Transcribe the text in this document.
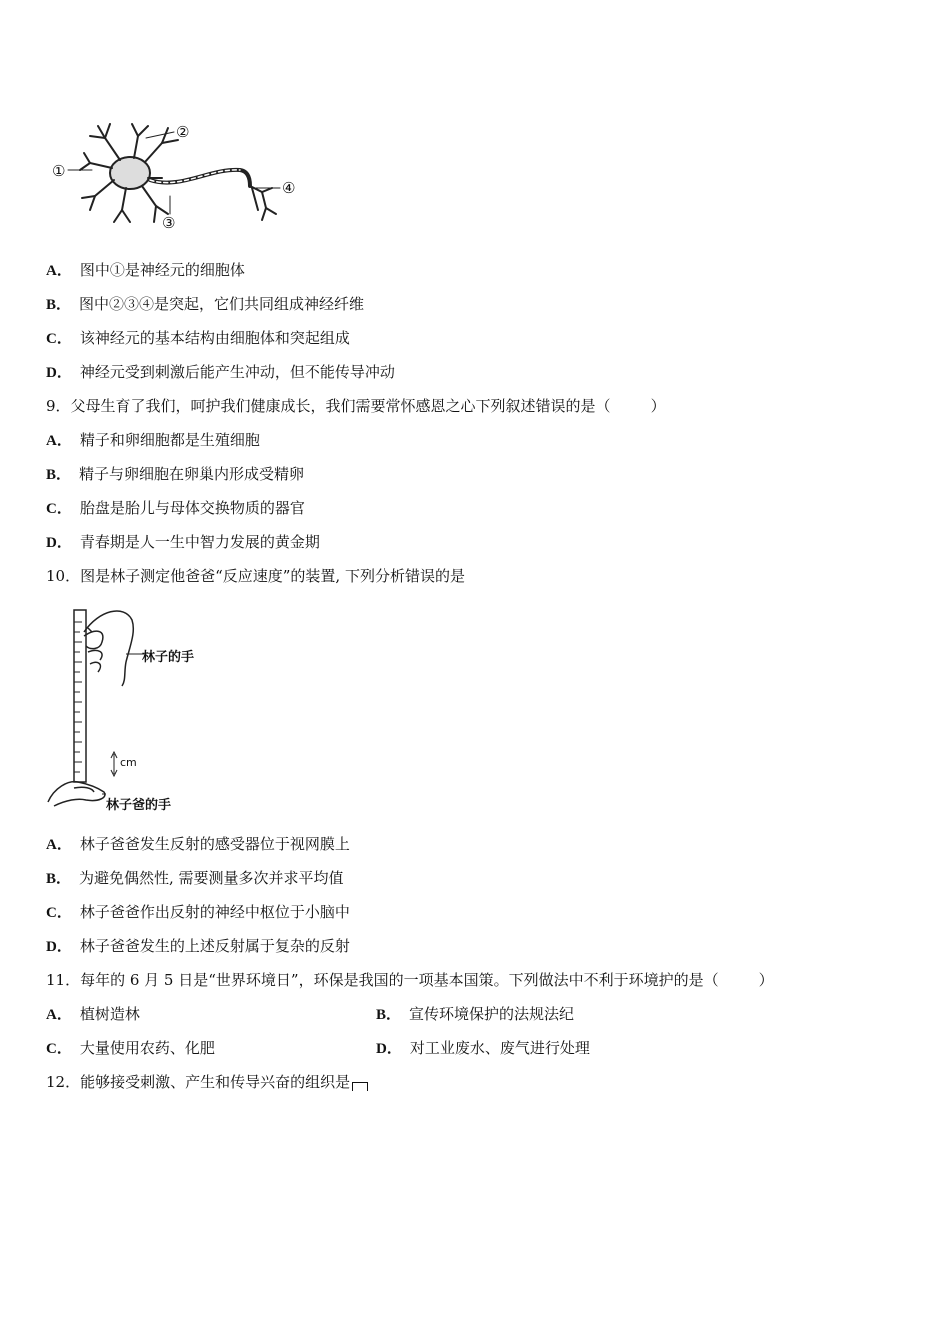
①
②
③
④
A． 图中①是神经元的细胞体
B． 图中②③④是突起，它们共同组成神经纤维
C． 该神经元的基本结构由细胞体和突起组成
D． 神经元受到刺激后能产生冲动，但不能传导冲动
9．父母生育了我们，呵护我们健康成长，我们需要常怀感恩之心下列叙述错误的是（	）
A． 精子和卵细胞都是生殖细胞
B． 精子与卵细胞在卵巢内形成受精卵
C． 胎盘是胎儿与母体交换物质的器官
D． 青春期是人一生中智力发展的黄金期
10．图是林子测定他爸爸“反应速度”的装置, 下列分析错误的是
林子的手
cm
林子爸的手
A． 林子爸爸发生反射的感受器位于视网膜上
B． 为避免偶然性, 需要测量多次并求平均值
C． 林子爸爸作出反射的神经中枢位于小脑中
D． 林子爸爸发生的上述反射属于复杂的反射
11．每年的 6 月 5 日是“世界环境日”，环保是我国的一项基本国策。下列做法中不利于环境护的是（	）
A． 植树造林	B． 宣传环境保护的法规法纪
C． 大量使用农药、化肥	D． 对工业废水、废气进行处理
12．能够接受刺激、产生和传导兴奋的组织是
